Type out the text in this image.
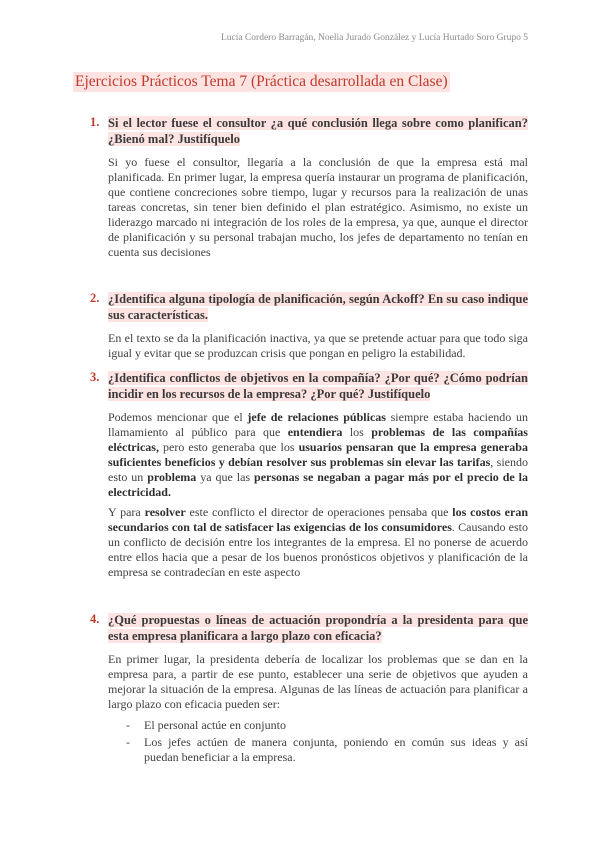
Lucía Cordero Barragán, Noelia Jurado González y Lucía Hurtado Soro Grupo 5
Ejercicios Prácticos Tema 7 (Práctica desarrollada en Clase)
1. Si el lector fuese el consultor ¿a qué conclusión llega sobre como planifican? ¿Bienó mal? Justifíquelo

Si yo fuese el consultor, llegaría a la conclusión de que la empresa está mal planificada. En primer lugar, la empresa quería instaurar un programa de planificación, que contiene concreciones sobre tiempo, lugar y recursos para la realización de unas tareas concretas, sin tener bien definido el plan estratégico. Asimismo, no existe un liderazgo marcado ni integración de los roles de la empresa, ya que, aunque el director de planificación y su personal trabajan mucho, los jefes de departamento no tenían en cuenta sus decisiones

2. ¿Identifica alguna tipología de planificación, según Ackoff? En su caso indique sus características.

En el texto se da la planificación inactiva, ya que se pretende actuar para que todo siga igual y evitar que se produzcan crisis que pongan en peligro la estabilidad.

3. ¿Identifica conflictos de objetivos en la compañía? ¿Por qué? ¿Cómo podrían incidir en los recursos de la empresa? ¿Por qué? Justifíquelo

Podemos mencionar que el jefe de relaciones públicas siempre estaba haciendo un llamamiento al público para que entendiera los problemas de las compañías eléctricas, pero esto generaba que los usuarios pensaran que la empresa generaba suficientes beneficios y debían resolver sus problemas sin elevar las tarifas, siendo esto un problema ya que las personas se negaban a pagar más por el precio de la electricidad.

Y para resolver este conflicto el director de operaciones pensaba que los costos eran secundarios con tal de satisfacer las exigencias de los consumidores. Causando esto un conflicto de decisión entre los integrantes de la empresa. El no ponerse de acuerdo entre ellos hacia que a pesar de los buenos pronósticos objetivos y planificación de la empresa se contradecían en este aspecto

4. ¿Qué propuestas o líneas de actuación propondría a la presidenta para que esta empresa planificara a largo plazo con eficacia?

En primer lugar, la presidenta debería de localizar los problemas que se dan en la empresa para, a partir de ese punto, establecer una serie de objetivos que ayuden a mejorar la situación de la empresa. Algunas de las líneas de actuación para planificar a largo plazo con eficacia pueden ser:

- El personal actúe en conjunto
- Los jefes actúen de manera conjunta, poniendo en común sus ideas y así puedan beneficiar a la empresa.
